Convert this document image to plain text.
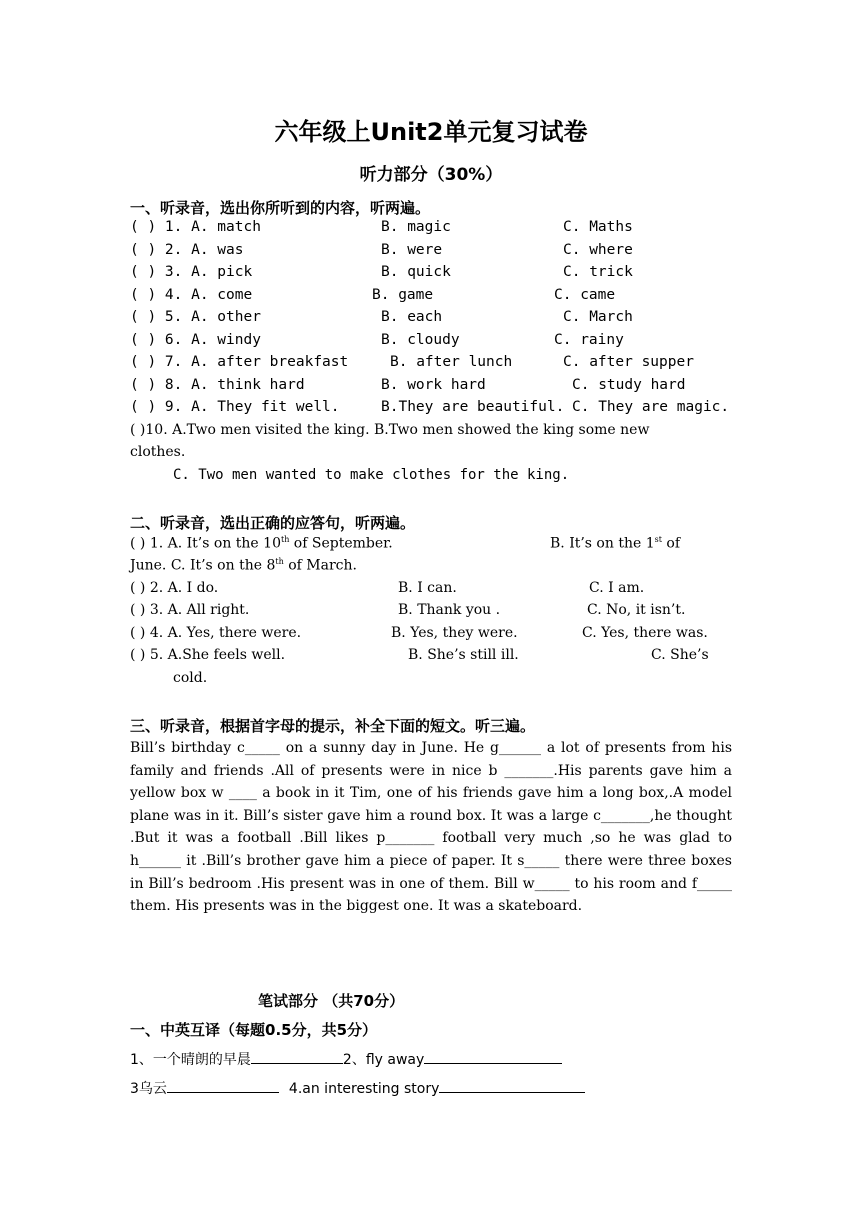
六年级上Unit2单元复习试卷
听力部分（30%）
一、听录音，选出你所听到的内容，听两遍。
( ) 1. A. match	B. magic	C. Maths
( ) 2. A. was	B. were	C. where
( ) 3. A. pick	B. quick	C. trick
( ) 4. A. come	B. game	C. came
( ) 5. A. other	B. each	C. March
( ) 6. A. windy	B. cloudy	C. rainy
( ) 7. A. after breakfast	B. after lunch	C. after supper
( ) 8. A. think hard	B. work hard	C. study hard
( ) 9. A. They fit well.	B.They are beautiful. C. They are magic.
( )10. A.Two men visited the king. B.Two men showed the king some new
clothes.
C. Two men wanted to make clothes for the king.
二、听录音，选出正确的应答句，听两遍。
( ) 1. A. It’s on the 10th of September.	B. It’s on the 1st of
June. C. It’s on the 8th of March.
( ) 2. A. I do.	B. I can.	C. I am.
( ) 3. A. All right.	B. Thank you .	C. No, it isn’t.
( ) 4. A. Yes, there were.	B. Yes, they were.	C. Yes, there was.
( ) 5. A.She feels well.	B. She’s still ill.	C. She’s
cold.
三、听录音，根据首字母的提示，补全下面的短文。听三遍。
Bill’s birthday c_____ on a sunny day in June. He g______ a lot of presents from his family and friends .All of presents were in nice b _______.His parents gave him a yellow box w ____ a book in it Tim, one of his friends gave him a long box,.A model plane was in it. Bill’s sister gave him a round box. It was a large c_______,he thought .But it was a football .Bill likes p_______ football very much ,so he was glad to h______ it .Bill’s brother gave him a piece of paper. It s_____ there were three boxes in Bill’s bedroom .His present was in one of them. Bill w_____ to his room and f_____ them. His presents was in the biggest one. It was a skateboard.
笔试部分 （共70分）
一、中英互译（每题0.5分，共5分）
1、一个晴朗的早晨	2、fly away
3乌云	4.an interesting story
